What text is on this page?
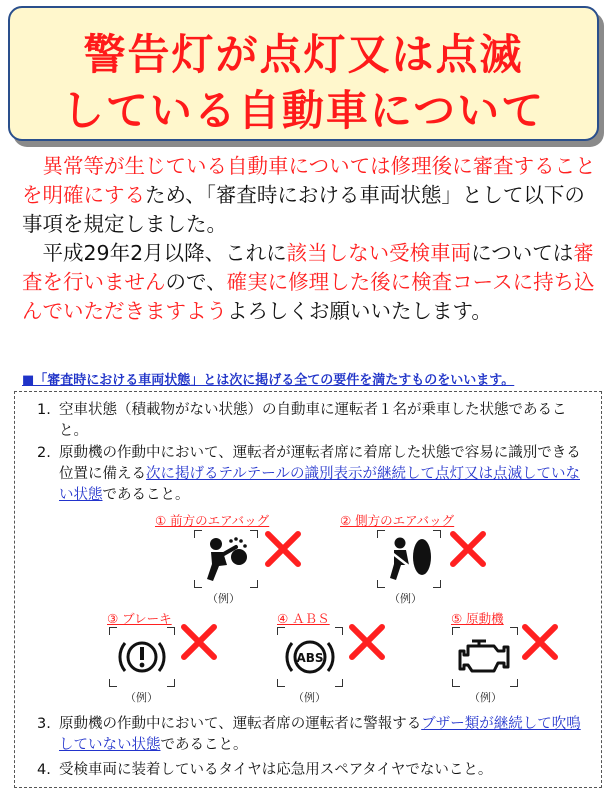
警告灯が点灯又は点滅
している自動車について

　異常等が生じている自動車については修理後に審査することを明確にするため、「審査時における車両状態」として以下の事項を規定しました。

　平成29年2月以降、これに該当しない受検車両については審査を行いませんので、確実に修理した後に検査コースに持ち込んでいただきますようよろしくお願いいたします。

■「審査時における車両状態」とは次に掲げる全ての要件を満たすものをいいます。
1. 空車状態（積載物がない状態）の自動車に運転者１名が乗車した状態であること。
2. 原動機の作動中において、運転者が運転者席に着席した状態で容易に識別できる位置に備える次に掲げるテルテールの識別表示が継続して点灯又は点滅していない状態であること。
① 前方のエアバッグ
（例）
② 側方のエアバッグ
（例）
③ ブレーキ
（例）
④ ＡＢＳ
ABS
（例）
⑤ 原動機
（例）
3. 原動機の作動中において、運転者席の運転者に警報するブザー類が継続して吹鳴していない状態であること。
4. 受検車両に装着しているタイヤは応急用スペアタイヤでないこと。
